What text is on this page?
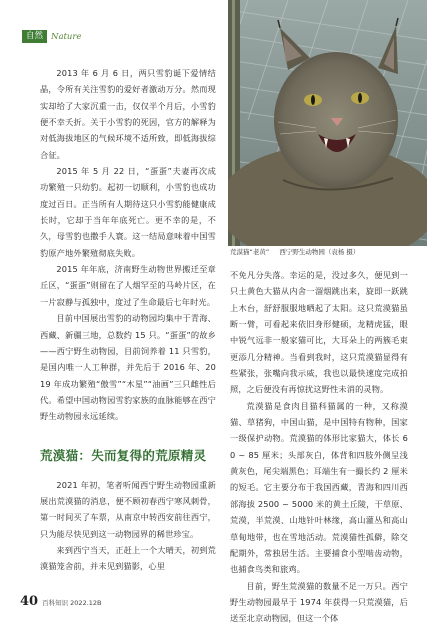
自然 Nature
荒漠猫“老黄” 西宁野生动物园（袁杨 摄）

2013 年 6 月 6 日，两只雪豹诞下爱情结晶，令所有关注雪豹的爱好者激动万分。然而现实却给了大家沉重一击，仅仅半个月后，小雪豹便不幸夭折。关于小雪豹的死因，官方的解释为对低海拔地区的气候环境不适所致，即低海拔综合征。

2015 年 5 月 22 日，“蛋蛋”夫妻再次成功繁殖一只幼豹。起初一切顺利，小雪豹也成功度过百日。正当所有人期待这只小雪豹能健康成长时，它却于当年年底死亡。更不幸的是，不久，母雪豹也撒手人寰。这一结局意味着中国雪豹原产地外繁殖彻底失败。

2015 年年底，济南野生动物世界搬迁至章丘区，“蛋蛋”则留在了人烟罕至的马岭片区，在一片寂静与孤独中，度过了生命最后七年时光。

目前中国展出雪豹的动物园均集中于青海、西藏、新疆三地，总数约 15 只。“蛋蛋”的故乡——西宁野生动物园，目前饲养着 11 只雪豹，是国内唯一人工种群，并先后于 2016 年、2019 年成功繁殖“傲雪”“木星”“油画”三只雌性后代。希望中国动物园雪豹家族的血脉能够在西宁野生动物园永远延续。

荒漠猫：失而复得的荒原精灵

2021 年初，笔者听闻西宁野生动物园重新展出荒漠猫的消息，便不顾初春西宁寒风刺骨，第一时间买了车票，从南京中转西安前往西宁，只为能尽快见到这一动物园界的稀世珍宝。

来到西宁当天，正赶上一个大晴天，初到荒漠猫笼舍前，并未见到猫影，心里

不免凡分失落。幸运的是，没过多久，便见到一只土黄色大猫从内舍一溜烟跳出来，旋即一跃跳上木台，舒舒服服地晒起了太阳。这只荒漠猫虽断一臂，可看起来依旧身形健硕，龙精虎猛，眼中锐气远非一般家猫可比，大耳朵上的两簇毛束更添几分精神。当看到我时，这只荒漠猫显得有些紧张，张嘴向我示威，我也以最快速度完成拍照，之后便没有再惊扰这野性未消的灵物。

荒漠猫是食肉目猫科猫属的一种，又称漠猫、草猪狗，中国山猫，是中国特有物种，国家一级保护动物。荒漠猫的体形比家猫大，体长 60 ~ 85 厘米；头部灰白，体背和四肢外侧呈浅黄灰色，尾尖端黑色；耳端生有一撮长约 2 厘米的短毛。它主要分布于我国西藏，青海和四川西部海拔 2500 ~ 5000 米的黄土丘陵，干草原、荒漠，半荒漠、山地针叶林缘，高山灌丛和高山草甸地带，也在雪地活动。荒漠猫性孤僻，除交配期外，常独居生活。主要捕食小型啮齿动物，也捕食鸟类和旅鸡。

目前，野生荒漠猫的数量不足一万只。西宁野生动物园最早于 1974 年获得一只荒漠猫，后送至北京动物园，但这一个体

40 百科知识 2022.12B
